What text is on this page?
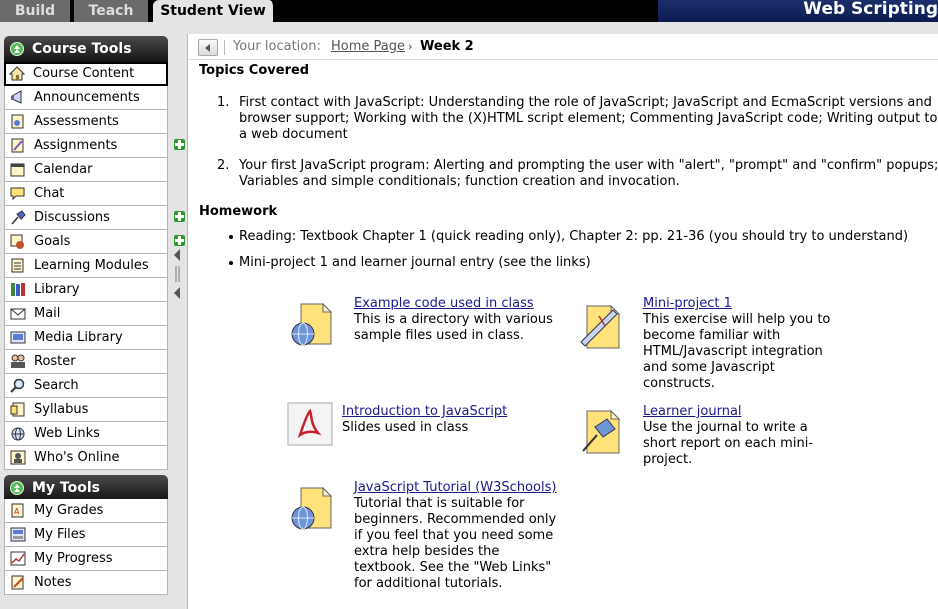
Build	Teach	Student View	Web Scripting
Course Tools
Course Content
Announcements
Assessments
Assignments
Calendar
Chat
Discussions
Goals
Learning Modules
Library
Mail
Media Library
Roster
Search
Syllabus
Web Links
Who's Online
My Tools
A My Grades
My Files
My Progress
Notes
Your location: Home Page › Week 2
Topics Covered
1. First contact with JavaScript: Understanding the role of JavaScript; JavaScript and EcmaScript versions and browser support; Working with the (X)HTML script element; Commenting JavaScript code; Writing output to a web document
2. Your first JavaScript program: Alerting and prompting the user with "alert", "prompt" and "confirm" popups; Variables and simple conditionals; function creation and invocation.
Homework
Reading: Textbook Chapter 1 (quick reading only), Chapter 2: pp. 21-36 (you should try to understand)
Mini-project 1 and learner journal entry (see the links)
Example code used in class
This is a directory with various sample files used in class.
Mini-project 1
This exercise will help you to become familiar with HTML/Javascript integration and some Javascript constructs.
Introduction to JavaScript
Slides used in class
Learner journal
Use the journal to write a short report on each mini-project.
JavaScript Tutorial (W3Schools)
Tutorial that is suitable for beginners. Recommended only if you feel that you need some extra help besides the textbook. See the "Web Links" for additional tutorials.
